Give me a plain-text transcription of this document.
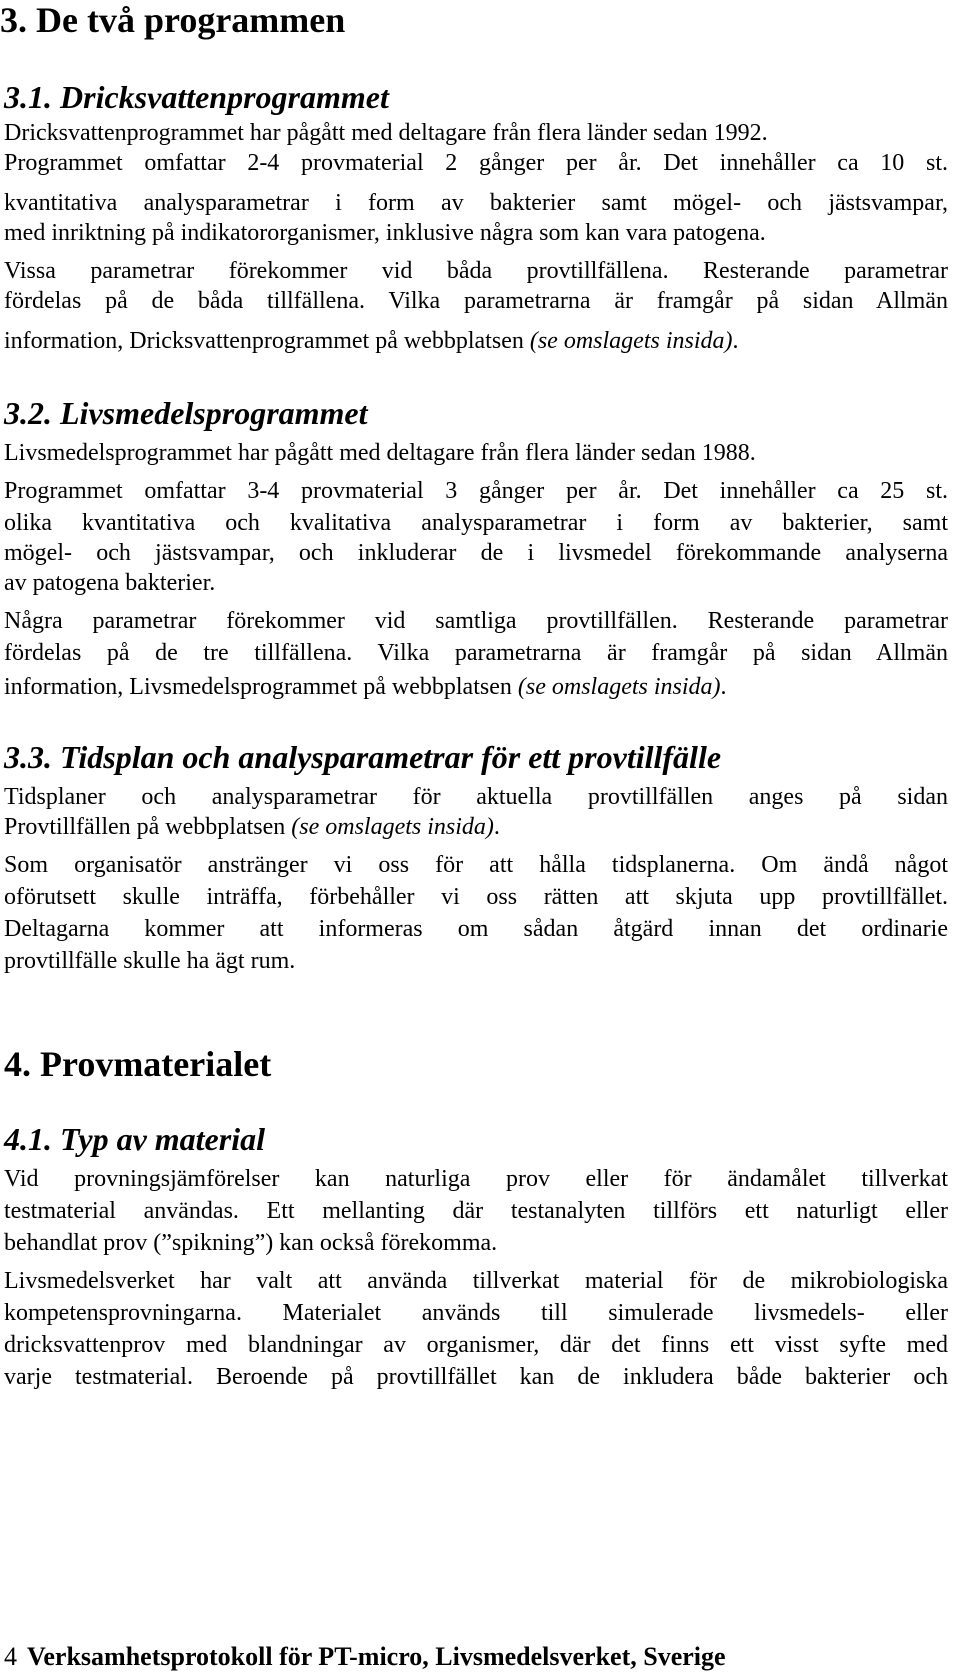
3. De två programmen
3.1. Dricksvattenprogrammet
Dricksvattenprogrammet har pågått med deltagare från flera länder sedan 1992.
Programmet omfattar 2-4 provmaterial 2 gånger per år. Det innehåller ca 10 st.
kvantitativa analysparametrar i form av bakterier samt mögel- och jästsvampar,
med inriktning på indikatororganismer, inklusive några som kan vara patogena.
Vissa parametrar förekommer vid båda provtillfällena. Resterande parametrar
fördelas på de båda tillfällena. Vilka parametrarna är framgår på sidan Allmän
information, Dricksvattenprogrammet på webbplatsen (se omslagets insida).
3.2. Livsmedelsprogrammet
Livsmedelsprogrammet har pågått med deltagare från flera länder sedan 1988.
Programmet omfattar 3-4 provmaterial 3 gånger per år. Det innehåller ca 25 st.
olika kvantitativa och kvalitativa analysparametrar i form av bakterier, samt
mögel- och jästsvampar, och inkluderar de i livsmedel förekommande analyserna
av patogena bakterier.
Några parametrar förekommer vid samtliga provtillfällen. Resterande parametrar
fördelas på de tre tillfällena. Vilka parametrarna är framgår på sidan Allmän
information, Livsmedelsprogrammet på webbplatsen (se omslagets insida).
3.3. Tidsplan och analysparametrar för ett provtillfälle
Tidsplaner och analysparametrar för aktuella provtillfällen anges på sidan
Provtillfällen på webbplatsen (se omslagets insida).
Som organisatör anstränger vi oss för att hålla tidsplanerna. Om ändå något
oförutsett skulle inträffa, förbehåller vi oss rätten att skjuta upp provtillfället.
Deltagarna kommer att informeras om sådan åtgärd innan det ordinarie
provtillfälle skulle ha ägt rum.
4. Provmaterialet
4.1. Typ av material
Vid provningsjämförelser kan naturliga prov eller för ändamålet tillverkat
testmaterial användas. Ett mellanting där testanalyten tillförs ett naturligt eller
behandlat prov (”spikning”) kan också förekomma.
Livsmedelsverket har valt att använda tillverkat material för de mikrobiologiska
kompetensprovningarna. Materialet används till simulerade livsmedels- eller
dricksvattenprov med blandningar av organismer, där det finns ett visst syfte med
varje testmaterial. Beroende på provtillfället kan de inkludera både bakterier och
4 Verksamhetsprotokoll för PT-micro, Livsmedelsverket, Sverige
